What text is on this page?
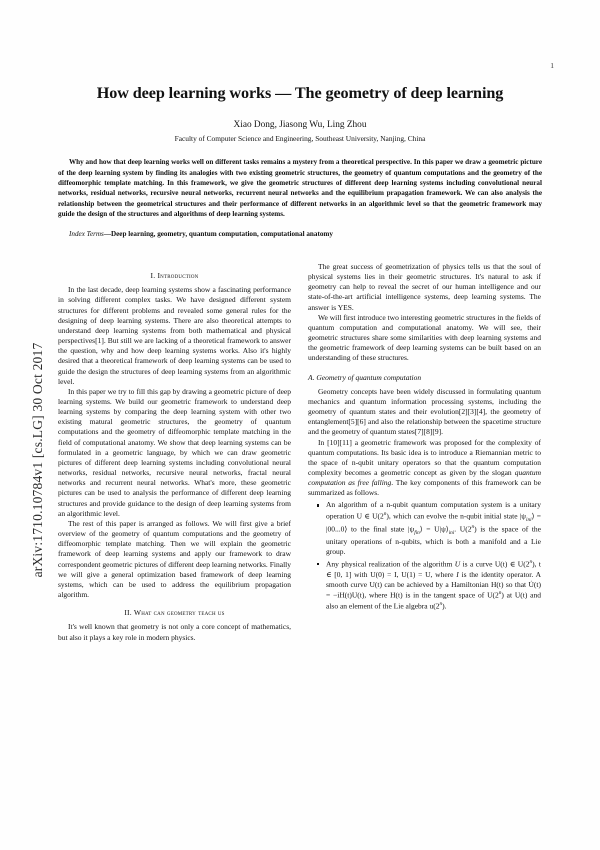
arXiv:1710.10784v1 [cs.LG] 30 Oct 2017
1
How deep learning works — The geometry of deep learning
Xiao Dong, Jiasong Wu, Ling Zhou
Faculty of Computer Science and Engineering, Southeast University, Nanjing, China
Why and how that deep learning works well on different tasks remains a mystery from a theoretical perspective. In this paper we draw a geometric picture of the deep learning system by finding its analogies with two existing geometric structures, the geometry of quantum computations and the geometry of the diffeomorphic template matching. In this framework, we give the geometric structures of different deep learning systems including convolutional neural networks, residual networks, recursive neural networks, recurrent neural networks and the equilibrium prapagation framework. We can also analysis the relationship between the geometrical structures and their performance of different networks in an algorithmic level so that the geometric framework may guide the design of the structures and algorithms of deep learning systems.
Index Terms—Deep learning, geometry, quantum computation, computational anatomy
I. Introduction

In the last decade, deep learning systems show a fascinating performance in solving different complex tasks. We have designed different system structures for different problems and revealed some general rules for the designing of deep learning systems. There are also theoretical attempts to understand deep learning systems from both mathematical and physical perspectives[1]. But still we are lacking of a theoretical framework to answer the question, why and how deep learning systems works. Also it's highly desired that a theoretical framework of deep learning systems can be used to guide the design the structures of deep learning systems from an algorithmic level.

In this paper we try to fill this gap by drawing a geometric picture of deep learning systems. We build our geometric framework to understand deep learning systems by comparing the deep learning system with other two existing matural geometric structures, the geometry of quantum computations and the geometry of diffeomorphic template matching in the field of computational anatomy. We show that deep learning systems can be formulated in a geometric language, by which we can draw geometric pictures of different deep learning systems including convolutional neural networks, residual networks, recursive neural networks, fractal neural networks and recurrent neural networks. What's more, these geometric pictures can be used to analysis the performance of different deep learning structures and provide guidance to the design of deep learning systems from an algorithmic level.

The rest of this paper is arranged as follows. We will first give a brief overview of the geometry of quantum computations and the geometry of diffeomorphic template matching. Then we will explain the geometric framework of deep learning systems and apply our framework to draw correspondent geometric pictures of different deep learning networks. Finally we will give a general optimization based framework of deep learning systems, which can be used to address the equilibrium propagation algorithm.

II. What can geometry teach us

It's well known that geometry is not only a core concept of mathematics, but also it plays a key role in modern physics.

The great success of geometrization of physics tells us that the soul of physical systems lies in their geometric structures. It's natural to ask if geometry can help to reveal the secret of our human intelligence and our state-of-the-art artificial intelligence systems, deep learning systems. The answer is YES.

We will first introduce two interesting geometric structures in the fields of quantum computation and computational anatomy. We will see, their geometric structures share some similarities with deep learning systems and the geometric framework of deep learning systems can be built based on an understanding of these structures.

A. Geometry of quantum computation

Geometry concepts have been widely discussed in formulating quantum mechanics and quantum information processing systems, including the geometry of quantum states and their evolution[2][3][4], the geometry of entanglement[5][6] and also the relationship between the spacetime structure and the geometry of quantum states[7][8][9].

In [10][11] a geometric framework was proposed for the complexity of quantum computations. Its basic idea is to introduce a Riemannian metric to the space of n-qubit unitary operators so that the quantum computation complexity becomes a geometric concept as given by the slogan quantum computation as free falling. The key components of this framework can be summarized as follows.

An algorithm of a n-qubit quantum computation system is a unitary operation U ∈ U(2$^n$), which can evolve the n-qubit initial state $|\psi_{ini}⟩$ = |00...0⟩ to the final state $|\psi_{fin}⟩$ = $U|\psi⟩_{ini}$. U(2$^n$) is the space of the unitary operations of n-qubits, which is both a manifold and a Lie group.
Any physical realization of the algorithm U is a curve U(t) ∈ U(2$^n$), t ∈ [0, 1] with U(0) = I, U(1) = U, where I is the identity operator. A smooth curve U(t) can be achieved by a Hamiltonian H(t) so that U̇(t) = −iH(t)U(t), where H(t) is in the tangent space of U(2$^n$) at U(t) and also an element of the Lie algebra u(2$^n$).
